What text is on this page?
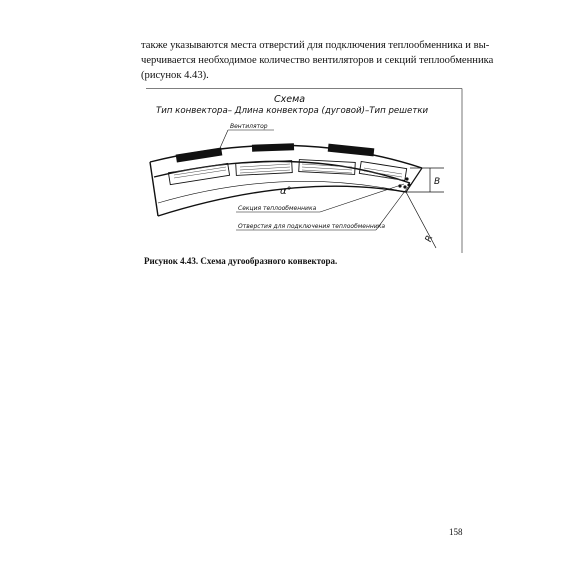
также указываются места отверстий для подключения теплообменника и вы-
черчивается необходимое количество вентиляторов и секций теплообменника
(рисунок 4.43).
Схема
Тип конвектора– Длина конвектора (дуговой)–Тип решетки
B
α°
R
Вентилятор
Секция теплообменника
Отверстия для подключения теплообменника
Рисунок 4.43. Схема дугообразного конвектора.
158
